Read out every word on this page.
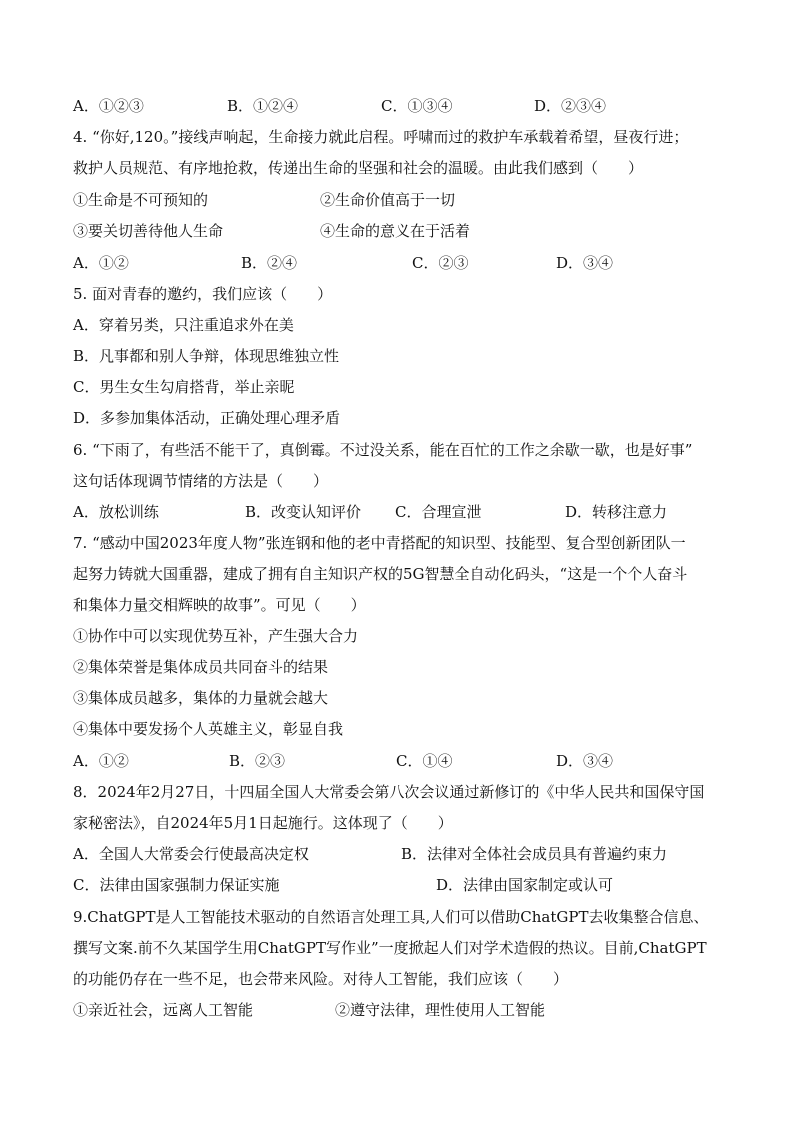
A．①②③	B．①②④	C．①③④	D．②③④
4. “你好,120。”接线声响起，生命接力就此启程。呼啸而过的救护车承载着希望，昼夜行进；
救护人员规范、有序地抢救，传递出生命的坚强和社会的温暖。由此我们感到（　　）
①生命是不可预知的	②生命价值高于一切
③要关切善待他人生命	④生命的意义在于活着
A．①②	B．②④	C．②③	D．③④
5. 面对青春的邀约，我们应该（　　）
A．穿着另类，只注重追求外在美
B．凡事都和别人争辩，体现思维独立性
C．男生女生勾肩搭背，举止亲昵
D．多参加集体活动，正确处理心理矛盾
6. “下雨了，有些活不能干了，真倒霉。不过没关系，能在百忙的工作之余歇一歇，也是好事”
这句话体现调节情绪的方法是（　　）
A．放松训练	B．改变认知评价 C．合理宣泄	D．转移注意力
7. “感动中国2023年度人物”张连钢和他的老中青搭配的知识型、技能型、复合型创新团队一
起努力铸就大国重器，建成了拥有自主知识产权的5G智慧全自动化码头，“这是一个个人奋斗
和集体力量交相辉映的故事”。可见（　　）
①协作中可以实现优势互补，产生强大合力
②集体荣誉是集体成员共同奋斗的结果
③集体成员越多，集体的力量就会越大
④集体中要发扬个人英雄主义，彰显自我
A．①②	B．②③	C．①④	D．③④
8．2024年2月27日，十四届全国人大常委会第八次会议通过新修订的《中华人民共和国保守国
家秘密法》，自2024年5月1日起施行。这体现了（　　）
A．全国人大常委会行使最高决定权	B．法律对全体社会成员具有普遍约束力
C．法律由国家强制力保证实施	D．法律由国家制定或认可
9.ChatGPT是人工智能技术驱动的自然语言处理工具,人们可以借助ChatGPT去收集整合信息、
撰写文案.前不久某国学生用ChatGPT写作业”一度掀起人们对学术造假的热议。目前,ChatGPT
的功能仍存在一些不足，也会带来风险。对待人工智能，我们应该（　　）
①亲近社会，远离人工智能	②遵守法律，理性使用人工智能
